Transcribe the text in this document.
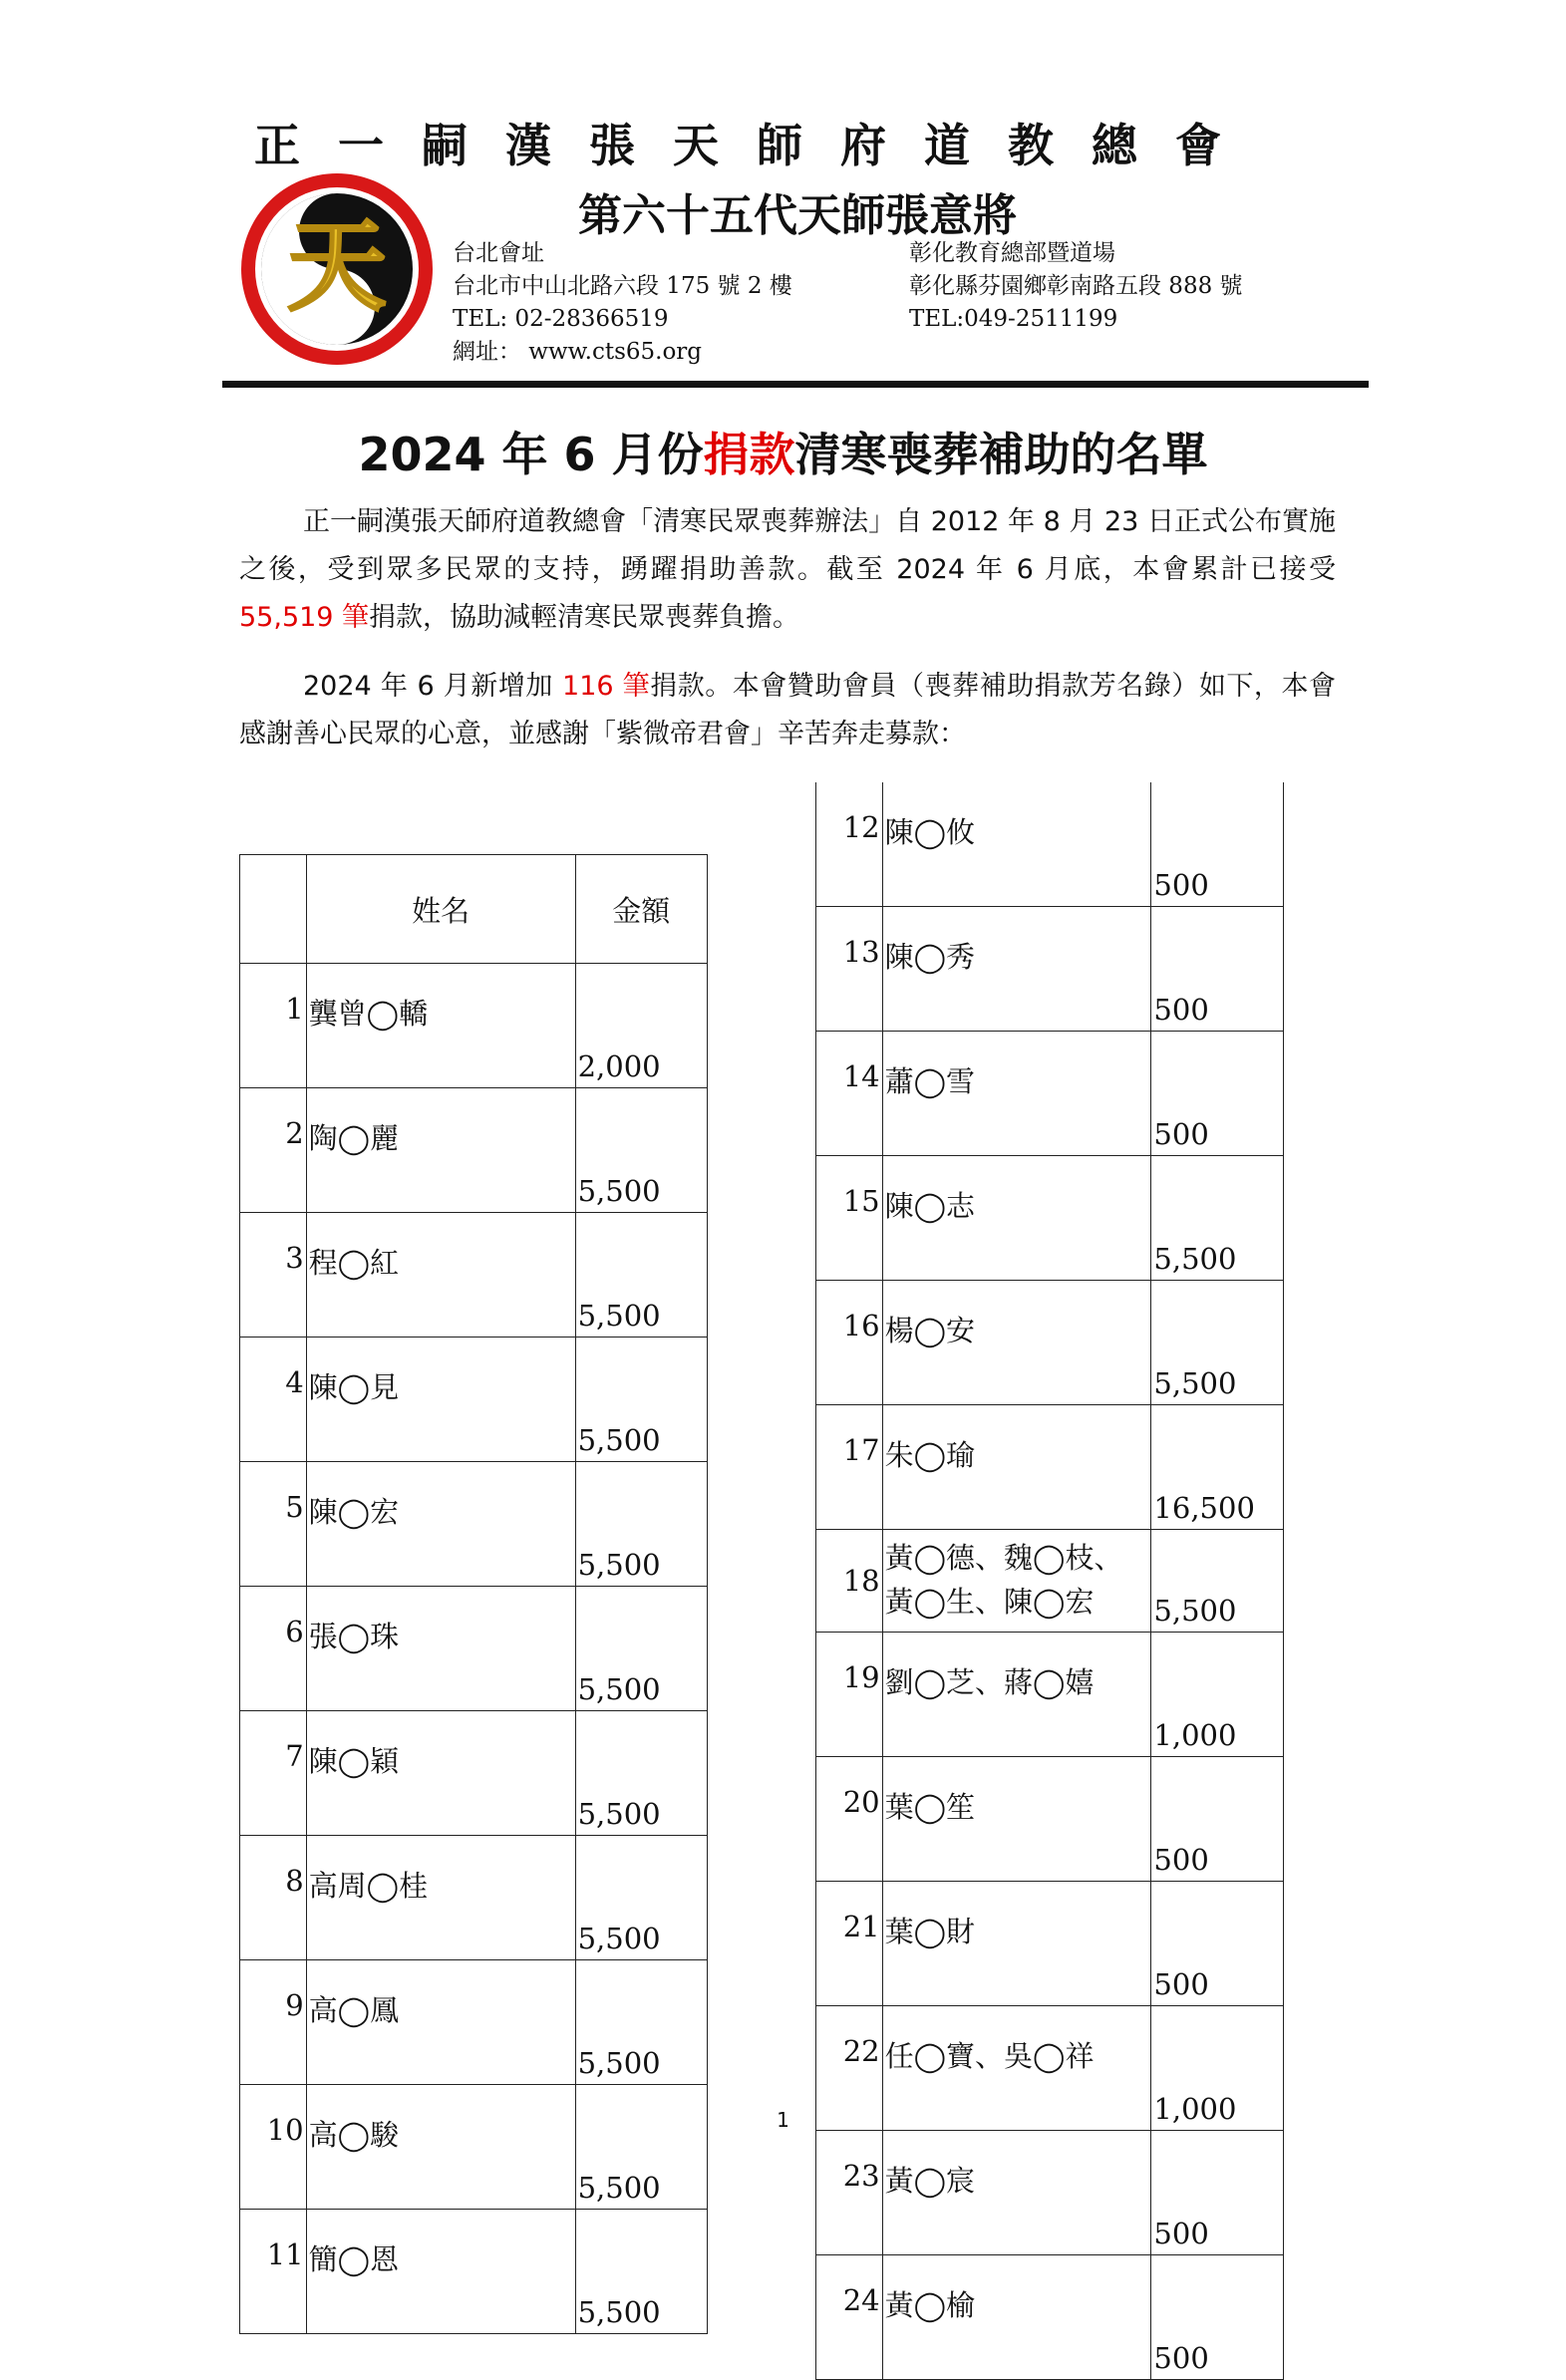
天
正一嗣漢張天師府道教總會
第六十五代天師張意將
台北會址
台北市中山北路六段 175 號 2 樓
TEL: 02-28366519
網址： www.cts65.org
彰化教育總部暨道場
彰化縣芬園鄉彰南路五段 888 號
TEL:049-2511199
2024 年 6 月份捐款清寒喪葬補助的名單
正一嗣漢張天師府道教總會「清寒民眾喪葬辦法」自 2012 年 8 月 23 日正式公布實施之後，受到眾多民眾的支持，踴躍捐助善款。截至 2024 年 6 月底，本會累計已接受 55,519 筆捐款，協助減輕清寒民眾喪葬負擔。
2024 年 6 月新增加 116 筆捐款。本會贊助會員（喪葬補助捐款芳名錄）如下，本會感謝善心民眾的心意，並感謝「紫微帝君會」辛苦奔走募款：
	姓名	金額
1	龔曾◯轎	2,000
2	陶◯麗	5,500
3	程◯紅	5,500
4	陳◯見	5,500
5	陳◯宏	5,500
6	張◯珠	5,500
7	陳◯穎	5,500
8	高周◯桂	5,500
9	高◯鳳	5,500
10	高◯駿	5,500
11	簡◯恩	5,500
12	陳◯攸	500
13	陳◯秀	500
14	蕭◯雪	500
15	陳◯志	5,500
16	楊◯安	5,500
17	朱◯瑜	16,500
18	黃◯德、魏◯枝、黃◯生、陳◯宏	5,500
19	劉◯芝、蔣◯嬉	1,000
20	葉◯笙	500
21	葉◯財	500
22	任◯寶、吳◯祥	1,000
23	黃◯宸	500
24	黃◯榆	500
1
